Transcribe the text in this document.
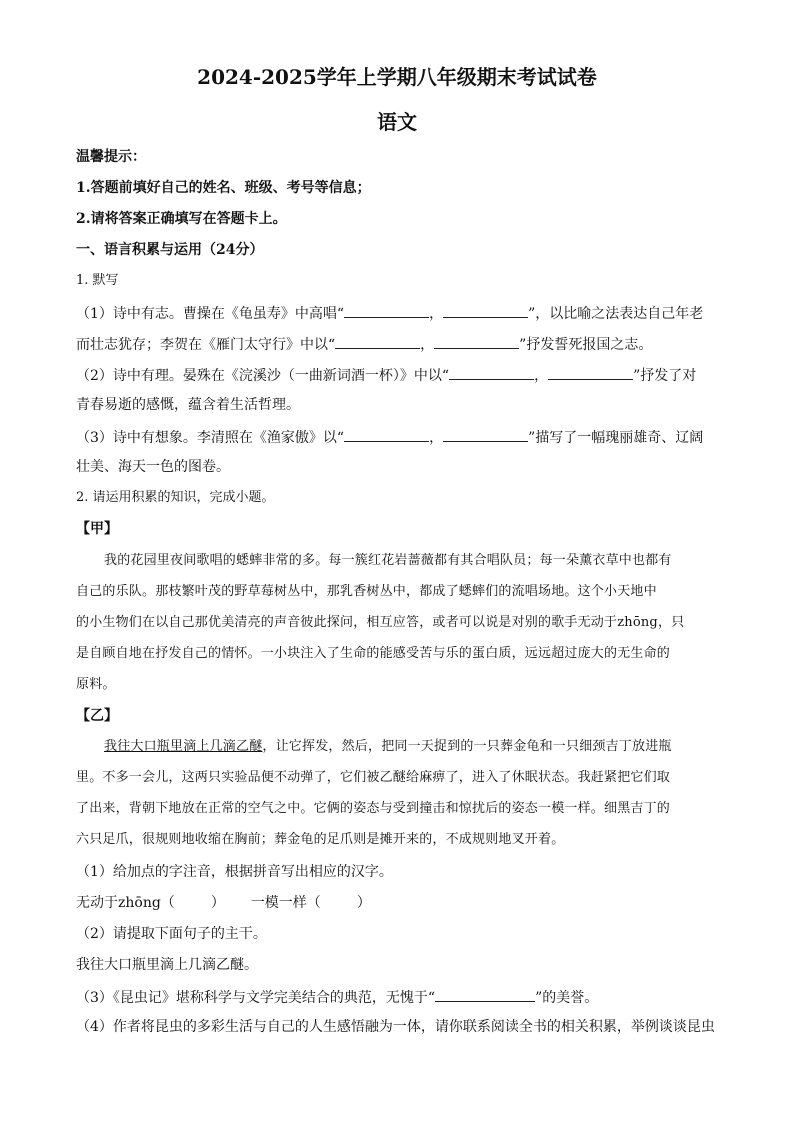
2024-2025学年上学期八年级期末考试试卷
语文
温馨提示：
1.答题前填好自己的姓名、班级、考号等信息；
2.请将答案正确填写在答题卡上。
一、语言积累与运用（24分）
1. 默写
（1）诗中有志。曹操在《龟虽寿》中高唱“	，	”，以比喻之法表达自己年老
而壮志犹存；李贺在《雁门太守行》中以“	，	”抒发誓死报国之志。
（2）诗中有理。晏殊在《浣溪沙（一曲新词酒一杯）》中以“	，	”抒发了对
青春易逝的感慨，蕴含着生活哲理。
（3）诗中有想象。李清照在《渔家傲》以“	，	”描写了一幅瑰丽雄奇、辽阔
壮美、海天一色的图卷。
2. 请运用积累的知识，完成小题。
【甲】
我的花园里夜间歌唱的蟋蟀非常的多。每一簇红花岩蔷薇都有其合唱队员；每一朵薰衣草中也都有
自己的乐队。那枝繁叶茂的野草莓树丛中，那乳香树丛中，都成了蟋蟀们的流唱场地。这个小天地中
的小生物们在以自己那优美清亮的声音彼此探问，相互应答，或者可以说是对别的歌手无动于zhōng，只
是自顾自地在抒发自己的情怀。一小块注入了生命的能感受苦与乐的蛋白质，远远超过庞大的无生命的
原料。
【乙】
我往大口瓶里滴上几滴乙醚，让它挥发，然后，把同一天捉到的一只葬金龟和一只细颈吉丁放进瓶
里。不多一会儿，这两只实验品便不动弹了，它们被乙醚给麻痹了，进入了休眠状态。我赶紧把它们取
了出来，背朝下地放在正常的空气之中。它俩的姿态与受到撞击和惊扰后的姿态一模一样。细黑吉丁的
六只足爪，很规则地收缩在胸前；葬金龟的足爪则是摊开来的，不成规则地叉开着。
（1）给加点的字注音，根据拼音写出相应的汉字。
无动于zhōng（	） 一模一样（	）
（2）请提取下面句子的主干。
我往大口瓶里滴上几滴乙醚。
（3）《昆虫记》堪称科学与文学完美结合的典范，无愧于“	”的美誉。
（4）作者将昆虫的多彩生活与自己的人生感悟融为一体，请你联系阅读全书的相关积累，举例谈谈昆虫
